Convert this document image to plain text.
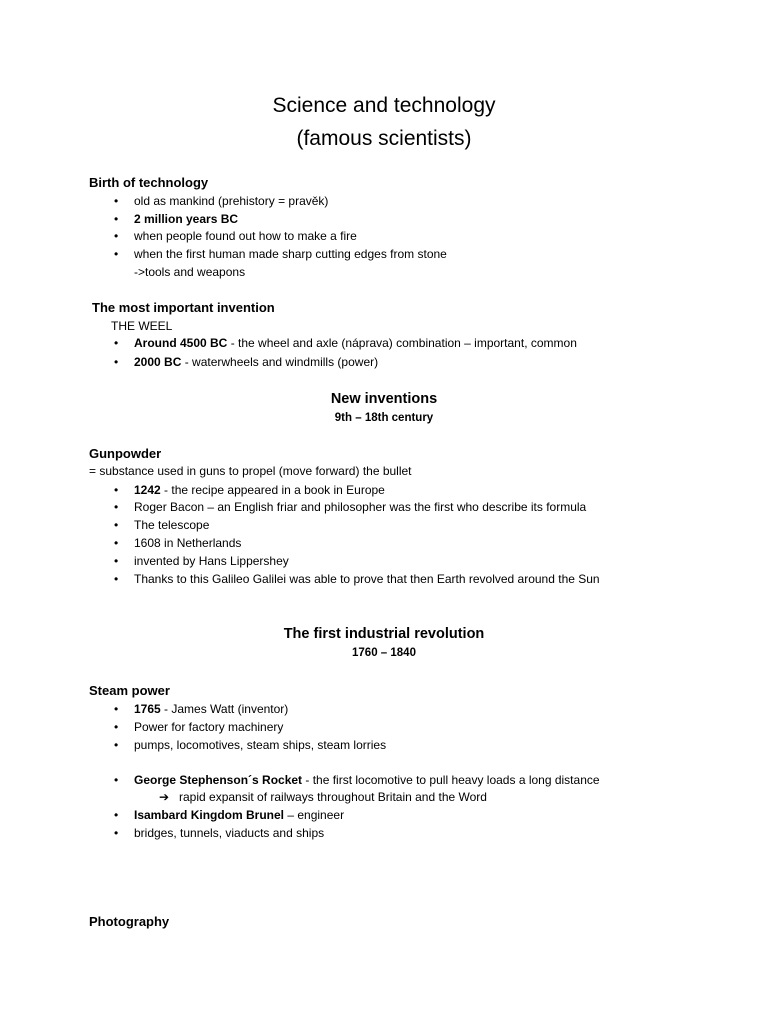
Science and technology
(famous scientists)
Birth of technology
• old as mankind (prehistory = pravěk)
• 2 million years BC
• when people found out how to make a fire
• when the first human made sharp cutting edges from stone
->tools and weapons
The most important invention
THE WEEL
• Around 4500 BC - the wheel and axle (náprava) combination – important, common
• 2000 BC - waterwheels and windmills (power)
New inventions
9th – 18th century
Gunpowder
= substance used in guns to propel (move forward) the bullet
• 1242 - the recipe appeared in a book in Europe
• Roger Bacon – an English friar and philosopher was the first who describe its formula
• The telescope
• 1608 in Netherlands
• invented by Hans Lippershey
• Thanks to this Galileo Galilei was able to prove that then Earth revolved around the Sun
The first industrial revolution
1760 – 1840
Steam power
• 1765 - James Watt (inventor)
• Power for factory machinery
• pumps, locomotives, steam ships, steam lorries
• George Stephenson´s Rocket - the first locomotive to pull heavy loads a long distance
➔ rapid expansit of railways throughout Britain and the Word
• Isambard Kingdom Brunel – engineer
• bridges, tunnels, viaducts and ships
Photography
